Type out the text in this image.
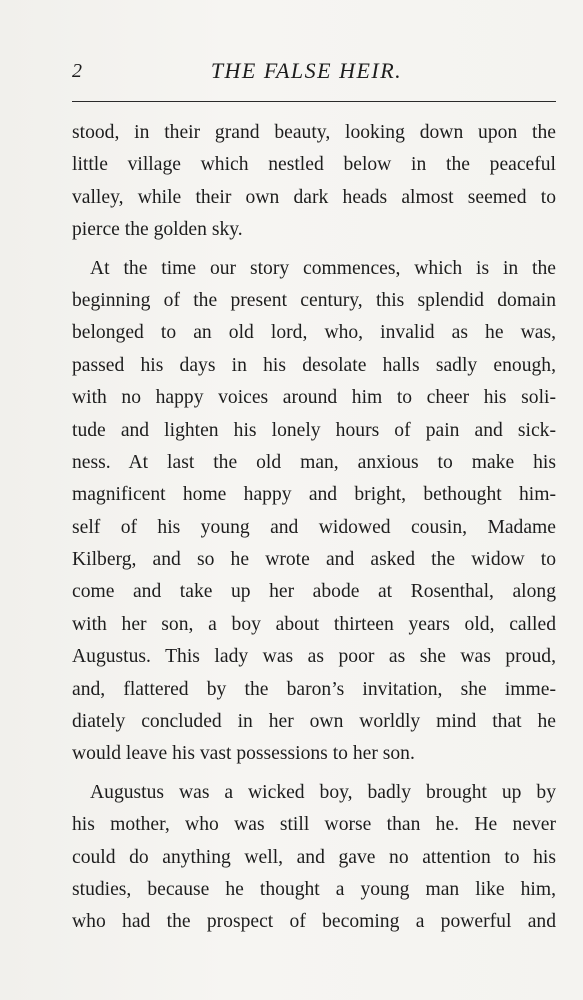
2	THE FALSE HEIR.
stood, in their grand beauty, looking down upon the
little village which nestled below in the peaceful
valley, while their own dark heads almost seemed to
pierce the golden sky.
At the time our story commences, which is in the
beginning of the present century, this splendid domain
belonged to an old lord, who, invalid as he was,
passed his days in his desolate halls sadly enough,
with no happy voices around him to cheer his soli-
tude and lighten his lonely hours of pain and sick-
ness. At last the old man, anxious to make his
magnificent home happy and bright, bethought him-
self of his young and widowed cousin, Madame
Kilberg, and so he wrote and asked the widow to
come and take up her abode at Rosenthal, along
with her son, a boy about thirteen years old, called
Augustus. This lady was as poor as she was proud,
and, flattered by the baron’s invitation, she imme-
diately concluded in her own worldly mind that he
would leave his vast possessions to her son.
Augustus was a wicked boy, badly brought up by
his mother, who was still worse than he. He never
could do anything well, and gave no attention to his
studies, because he thought a young man like him,
who had the prospect of becoming a powerful and
